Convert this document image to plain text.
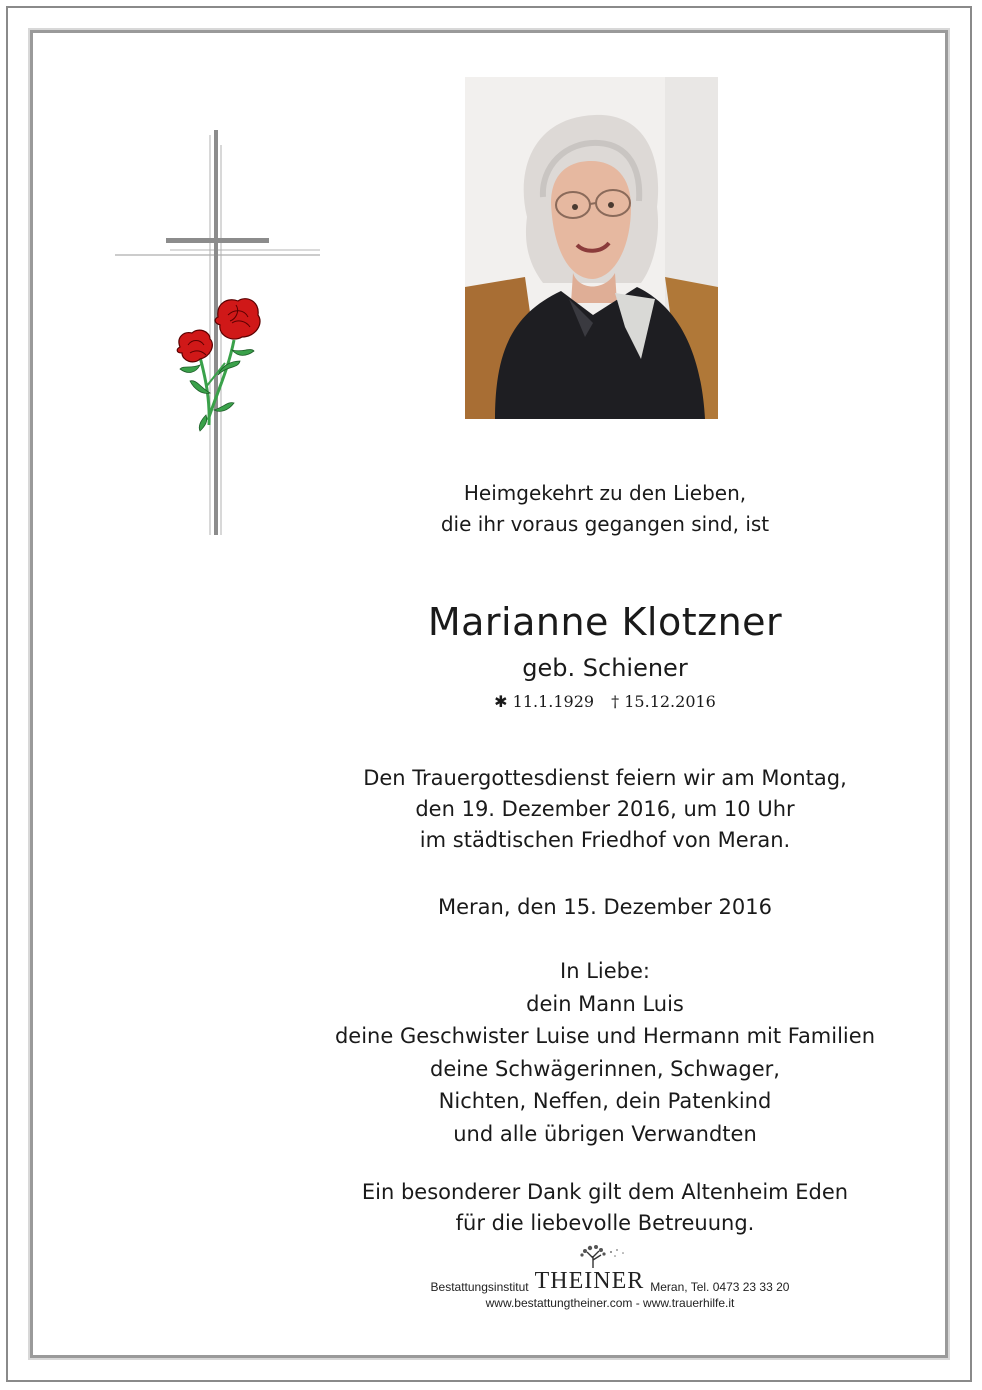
Heimgekehrt zu den Lieben,
die ihr voraus gegangen sind, ist
Marianne Klotzner
geb. Schiener
✱ 11.1.1929 † 15.12.2016
Den Trauergottesdienst feiern wir am Montag,
den 19. Dezember 2016, um 10 Uhr
im städtischen Friedhof von Meran.
Meran, den 15. Dezember 2016
In Liebe:
dein Mann Luis
deine Geschwister Luise und Hermann mit Familien
deine Schwägerinnen, Schwager,
Nichten, Neffen, dein Patenkind
und alle übrigen Verwandten
Ein besonderer Dank gilt dem Altenheim Eden
für die liebevolle Betreuung.
Bestattungsinstitut THEINER Meran, Tel. 0473 23 33 20
www.bestattungtheiner.com - www.trauerhilfe.it
